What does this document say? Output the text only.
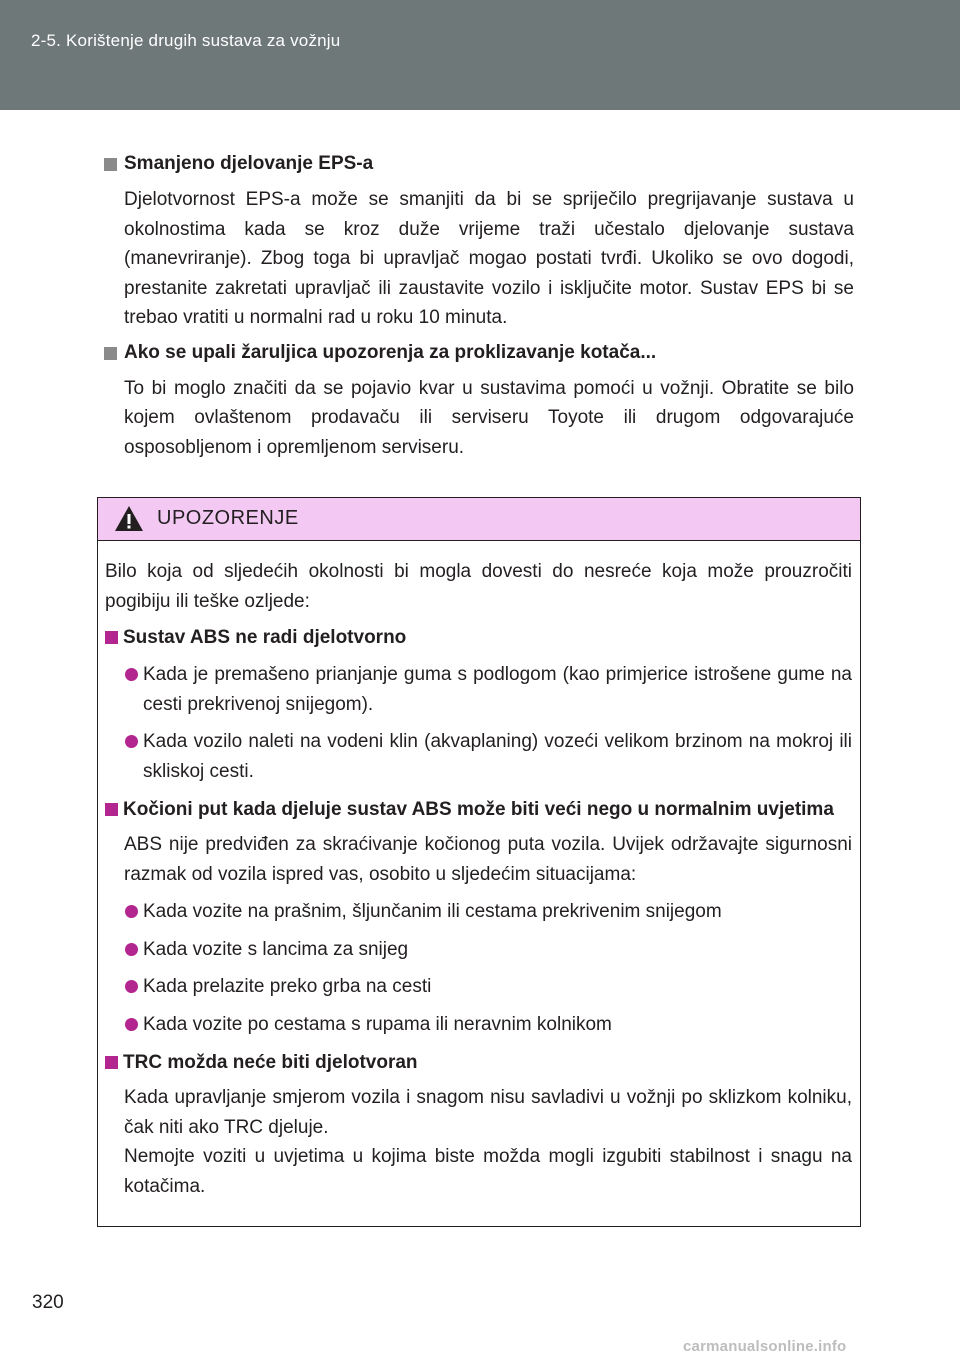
2-5. Korištenje drugih sustava za vožnju
Smanjeno djelovanje EPS-a
Djelotvornost EPS-a može se smanjiti da bi se spriječilo pregrijavanje sustava u okolnostima kada se kroz duže vrijeme traži učestalo djelovanje sustava (manevriranje). Zbog toga bi upravljač mogao postati tvrđi. Ukoliko se ovo dogodi, prestanite zakretati upravljač ili zaustavite vozilo i isključite motor. Sustav EPS bi se trebao vratiti u normalni rad u roku 10 minuta.
Ako se upali žaruljica upozorenja za proklizavanje kotača...
To bi moglo značiti da se pojavio kvar u sustavima pomoći u vožnji. Obratite se bilo kojem ovlaštenom prodavaču ili serviseru Toyote ili drugom odgovarajuće osposobljenom i opremljenom serviseru.
UPOZORENJE
Bilo koja od sljedećih okolnosti bi mogla dovesti do nesreće koja može prouzročiti pogibiju ili teške ozljede:
Sustav ABS ne radi djelotvorno
Kada je premašeno prianjanje guma s podlogom (kao primjerice istrošene gume na cesti prekrivenoj snijegom).
Kada vozilo naleti na vodeni klin (akvaplaning) vozeći velikom brzinom na mokroj ili skliskoj cesti.
Kočioni put kada djeluje sustav ABS može biti veći nego u normalnim uvjetima
ABS nije predviđen za skraćivanje kočionog puta vozila. Uvijek održavajte sigurnosni razmak od vozila ispred vas, osobito u sljedećim situacijama:
Kada vozite na prašnim, šljunčanim ili cestama prekrivenim snijegom
Kada vozite s lancima za snijeg
Kada prelazite preko grba na cesti
Kada vozite po cestama s rupama ili neravnim kolnikom
TRC možda neće biti djelotvoran
Kada upravljanje smjerom vozila i snagom nisu savladivi u vožnji po sklizkom kolniku, čak niti ako TRC djeluje.
Nemojte voziti u uvjetima u kojima biste možda mogli izgubiti stabilnost i snagu na kotačima.
320
carmanualsonline.info
